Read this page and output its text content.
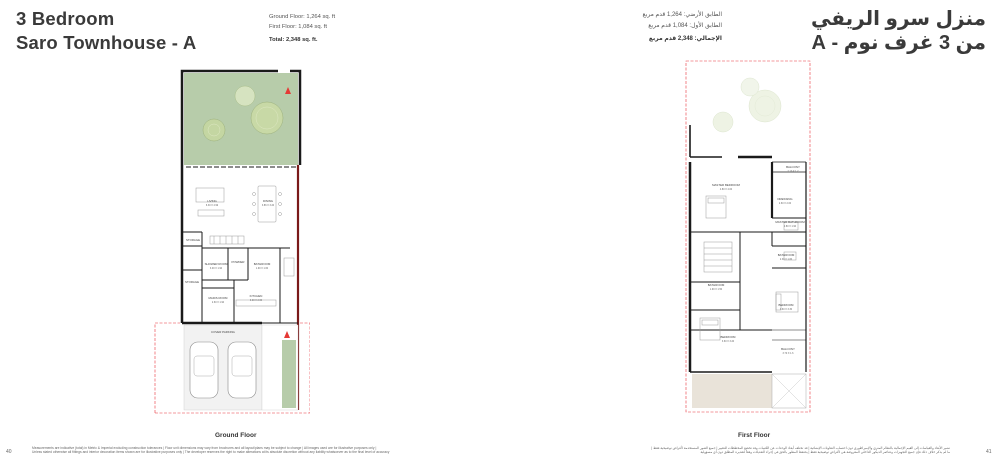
3 Bedroom
Saro Townhouse - A
Ground Floor: 1,264 sq. ft
First Floor: 1,084 sq. ft
Total: 2,348 sq. ft.
الطابق الأرضي: 1,264 قدم مربع
الطابق الأول: 1,084 قدم مربع
الإجمالي: 2,348 قدم مربع
منزل سرو الريفي
من 3 غرف نوم - A
LIVING
6.30 X 4.99
DINING
3.86 X 3.20
STORAGE
SHOWER ROOM
3.00 X 1.90
POWDER	BATHROOM
1.90 X 1.60
STORAGE
MAIDS ROOM
2.60 X 1.90
KITCHEN
3.00 X 2.60
COVER PARKING
BALCONY
2.10 X 1.2
MASTER BEDROOM
4.80 X 4.00
DRESSING
2.60 X 2.00
MASTER BATHROOM
2.80 X 1.90
BATHROOM
2.30 X 1.60
BATHROOM
1.90 X 1.50
BEDROOM
3.60 X 3.30
BEDROOM
3.60 X 3.20
BALCONY
3.70 X 1.6
Ground Floor	First Floor
Measurements are indicative (total) in Metric & Imperial excluding construction tolerances | Floor unit dimensions may vary from brochures and all layout/plans may be subject to change | All images used are for illustrative purposes only |
Unless stated otherwise all fittings and interior decoration items shown are for illustrative purposes only | The developer reserves the right to make alterations at its absolute discretion without any liability whatsoever as to the final level of accuracy
تشير الأبعاد والقياسات إلى القيم الإجمالية بالنظام المتري والإمبراطوري دون احتساب التفاوتات الإنشائية | قد تختلف أبعاد الوحدات عن الكتيبات وقد تخضع المخططات للتغيير | جميع الصور المستخدمة لأغراض توضيحية فقط |
ما لم يذكر خلاف ذلك فإن جميع التجهيزات وعناصر الديكور الداخلي المعروضة هي لأغراض توضيحية فقط | يحتفظ المطور بالحق في إجراء التعديلات وفقاً لتقديره المطلق دون أي مسؤولية
40	41
